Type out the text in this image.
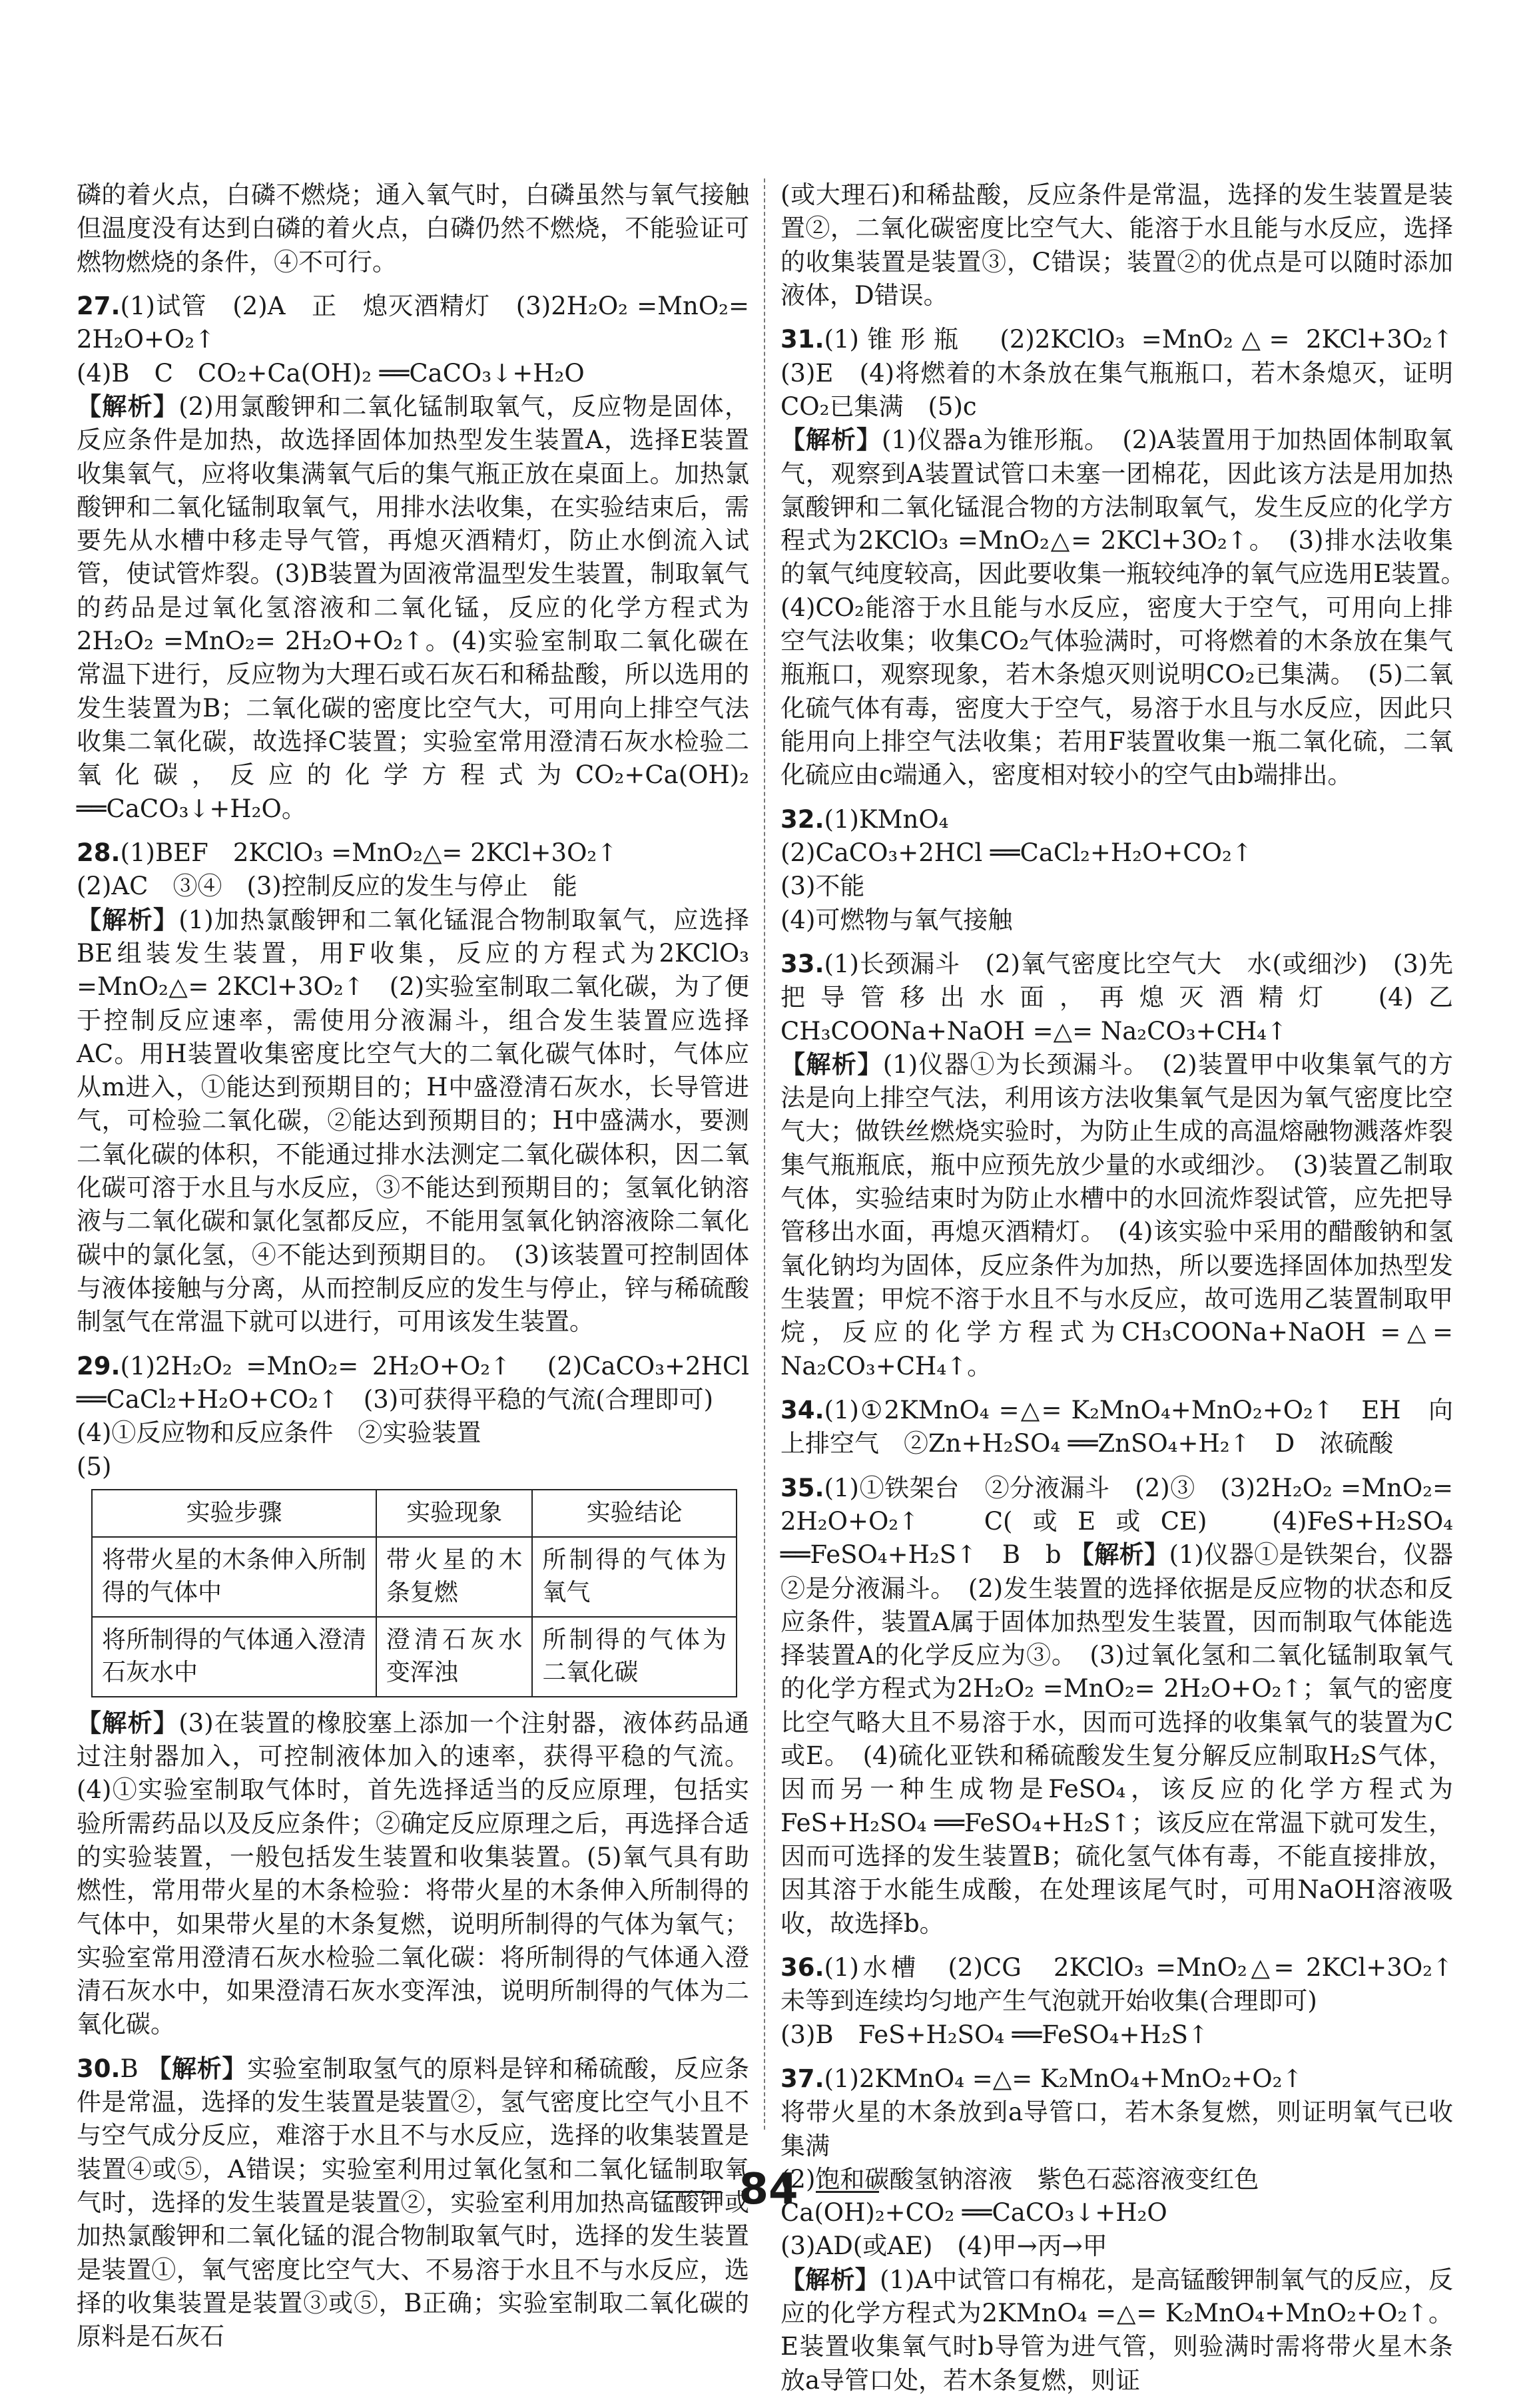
磷的着火点，白磷不燃烧；通入氧气时，白磷虽然与氧气接触但温度没有达到白磷的着火点，白磷仍然不燃烧，不能验证可燃物燃烧的条件，④不可行。
27.(1)试管　(2)A　正　熄灭酒精灯　(3)2H₂O₂ =MnO₂= 2H₂O+O₂↑
(4)B　C　CO₂+Ca(OH)₂ ══CaCO₃↓+H₂O
【解析】(2)用氯酸钾和二氧化锰制取氧气，反应物是固体，反应条件是加热，故选择固体加热型发生装置A，选择E装置收集氧气，应将收集满氧气后的集气瓶正放在桌面上。加热氯酸钾和二氧化锰制取氧气，用排水法收集，在实验结束后，需要先从水槽中移走导气管，再熄灭酒精灯，防止水倒流入试管，使试管炸裂。(3)B装置为固液常温型发生装置，制取氧气的药品是过氧化氢溶液和二氧化锰，反应的化学方程式为2H₂O₂ =MnO₂= 2H₂O+O₂↑。(4)实验室制取二氧化碳在常温下进行，反应物为大理石或石灰石和稀盐酸，所以选用的发生装置为B；二氧化碳的密度比空气大，可用向上排空气法收集二氧化碳，故选择C装置；实验室常用澄清石灰水检验二氧化碳，反应的化学方程式为CO₂+Ca(OH)₂ ══CaCO₃↓+H₂O。
28.(1)BEF　2KClO₃ =MnO₂△= 2KCl+3O₂↑
(2)AC　③④　(3)控制反应的发生与停止　能
【解析】(1)加热氯酸钾和二氧化锰混合物制取氧气，应选择BE组装发生装置，用F收集，反应的方程式为2KClO₃ =MnO₂△= 2KCl+3O₂↑　(2)实验室制取二氧化碳，为了便于控制反应速率，需使用分液漏斗，组合发生装置应选择AC。用H装置收集密度比空气大的二氧化碳气体时，气体应从m进入，①能达到预期目的；H中盛澄清石灰水，长导管进气，可检验二氧化碳，②能达到预期目的；H中盛满水，要测二氧化碳的体积，不能通过排水法测定二氧化碳体积，因二氧化碳可溶于水且与水反应，③不能达到预期目的；氢氧化钠溶液与二氧化碳和氯化氢都反应，不能用氢氧化钠溶液除二氧化碳中的氯化氢，④不能达到预期目的。　(3)该装置可控制固体与液体接触与分离，从而控制反应的发生与停止，锌与稀硫酸制氢气在常温下就可以进行，可用该发生装置。
29.(1)2H₂O₂ =MnO₂= 2H₂O+O₂↑　(2)CaCO₃+2HCl ══CaCl₂+H₂O+CO₂↑　(3)可获得平稳的气流(合理即可)
(4)①反应物和反应条件　②实验装置
(5)
实验步骤	实验现象	实验结论
将带火星的木条伸入所制得的气体中	带火星的木条复燃	所制得的气体为氧气
将所制得的气体通入澄清石灰水中	澄清石灰水变浑浊	所制得的气体为二氧化碳
【解析】(3)在装置的橡胶塞上添加一个注射器，液体药品通过注射器加入，可控制液体加入的速率，获得平稳的气流。(4)①实验室制取气体时，首先选择适当的反应原理，包括实验所需药品以及反应条件；②确定反应原理之后，再选择合适的实验装置，一般包括发生装置和收集装置。(5)氧气具有助燃性，常用带火星的木条检验：将带火星的木条伸入所制得的气体中，如果带火星的木条复燃，说明所制得的气体为氧气；实验室常用澄清石灰水检验二氧化碳：将所制得的气体通入澄清石灰水中，如果澄清石灰水变浑浊，说明所制得的气体为二氧化碳。
30.B 【解析】实验室制取氢气的原料是锌和稀硫酸，反应条件是常温，选择的发生装置是装置②，氢气密度比空气小且不与空气成分反应，难溶于水且不与水反应，选择的收集装置是装置④或⑤，A错误；实验室利用过氧化氢和二氧化锰制取氧气时，选择的发生装置是装置②，实验室利用加热高锰酸钾或加热氯酸钾和二氧化锰的混合物制取氧气时，选择的发生装置是装置①，氧气密度比空气大、不易溶于水且不与水反应，选择的收集装置是装置③或⑤，B正确；实验室制取二氧化碳的原料是石灰石
(或大理石)和稀盐酸，反应条件是常温，选择的发生装置是装置②，二氧化碳密度比空气大、能溶于水且能与水反应，选择的收集装置是装置③，C错误；装置②的优点是可以随时添加液体，D错误。
31.(1)锥形瓶　(2)2KClO₃ =MnO₂△= 2KCl+3O₂↑　(3)E　(4)将燃着的木条放在集气瓶瓶口，若木条熄灭，证明CO₂已集满　(5)c
【解析】(1)仪器a为锥形瓶。　(2)A装置用于加热固体制取氧气，观察到A装置试管口未塞一团棉花，因此该方法是用加热氯酸钾和二氧化锰混合物的方法制取氧气，发生反应的化学方程式为2KClO₃ =MnO₂△= 2KCl+3O₂↑。　(3)排水法收集的氧气纯度较高，因此要收集一瓶较纯净的氧气应选用E装置。　(4)CO₂能溶于水且能与水反应，密度大于空气，可用向上排空气法收集；收集CO₂气体验满时，可将燃着的木条放在集气瓶瓶口，观察现象，若木条熄灭则说明CO₂已集满。　(5)二氧化硫气体有毒，密度大于空气，易溶于水且与水反应，因此只能用向上排空气法收集；若用F装置收集一瓶二氧化硫，二氧化硫应由c端通入，密度相对较小的空气由b端排出。
32.(1)KMnO₄
(2)CaCO₃+2HCl ══CaCl₂+H₂O+CO₂↑
(3)不能
(4)可燃物与氧气接触
33.(1)长颈漏斗　(2)氧气密度比空气大　水(或细沙)　(3)先把导管移出水面，再熄灭酒精灯　(4)乙　CH₃COONa+NaOH =△= Na₂CO₃+CH₄↑
【解析】(1)仪器①为长颈漏斗。　(2)装置甲中收集氧气的方法是向上排空气法，利用该方法收集氧气是因为氧气密度比空气大；做铁丝燃烧实验时，为防止生成的高温熔融物溅落炸裂集气瓶瓶底，瓶中应预先放少量的水或细沙。　(3)装置乙制取气体，实验结束时为防止水槽中的水回流炸裂试管，应先把导管移出水面，再熄灭酒精灯。　(4)该实验中采用的醋酸钠和氢氧化钠均为固体，反应条件为加热，所以要选择固体加热型发生装置；甲烷不溶于水且不与水反应，故可选用乙装置制取甲烷，反应的化学方程式为CH₃COONa+NaOH =△= Na₂CO₃+CH₄↑。
34.(1)①2KMnO₄ =△= K₂MnO₄+MnO₂+O₂↑　EH　向上排空气　②Zn+H₂SO₄ ══ZnSO₄+H₂↑　D　浓硫酸
35.(1)①铁架台　②分液漏斗　(2)③　(3)2H₂O₂ =MnO₂= 2H₂O+O₂↑　C(或E或CE)　(4)FeS+H₂SO₄ ══FeSO₄+H₂S↑　B　b 【解析】(1)仪器①是铁架台，仪器②是分液漏斗。　(2)发生装置的选择依据是反应物的状态和反应条件，装置A属于固体加热型发生装置，因而制取气体能选择装置A的化学反应为③。　(3)过氧化氢和二氧化锰制取氧气的化学方程式为2H₂O₂ =MnO₂= 2H₂O+O₂↑；氧气的密度比空气略大且不易溶于水，因而可选择的收集氧气的装置为C或E。　(4)硫化亚铁和稀硫酸发生复分解反应制取H₂S气体，因而另一种生成物是FeSO₄，该反应的化学方程式为FeS+H₂SO₄ ══FeSO₄+H₂S↑；该反应在常温下就可发生，因而可选择的发生装置B；硫化氢气体有毒，不能直接排放，因其溶于水能生成酸，在处理该尾气时，可用NaOH溶液吸收，故选择b。
36.(1)水槽　(2)CG　2KClO₃ =MnO₂△= 2KCl+3O₂↑　未等到连续均匀地产生气泡就开始收集(合理即可)
(3)B　FeS+H₂SO₄ ══FeSO₄+H₂S↑
37.(1)2KMnO₄ =△= K₂MnO₄+MnO₂+O₂↑
将带火星的木条放到a导管口，若木条复燃，则证明氧气已收集满
(2)饱和碳酸氢钠溶液　紫色石蕊溶液变红色
Ca(OH)₂+CO₂ ══CaCO₃↓+H₂O
(3)AD(或AE)　(4)甲→丙→甲
【解析】(1)A中试管口有棉花，是高锰酸钾制氧气的反应，反应的化学方程式为2KMnO₄ =△= K₂MnO₄+MnO₂+O₂↑。E装置收集氧气时b导管为进气管，则验满时需将带火星木条放a导管口处，若木条复燃，则证
84
